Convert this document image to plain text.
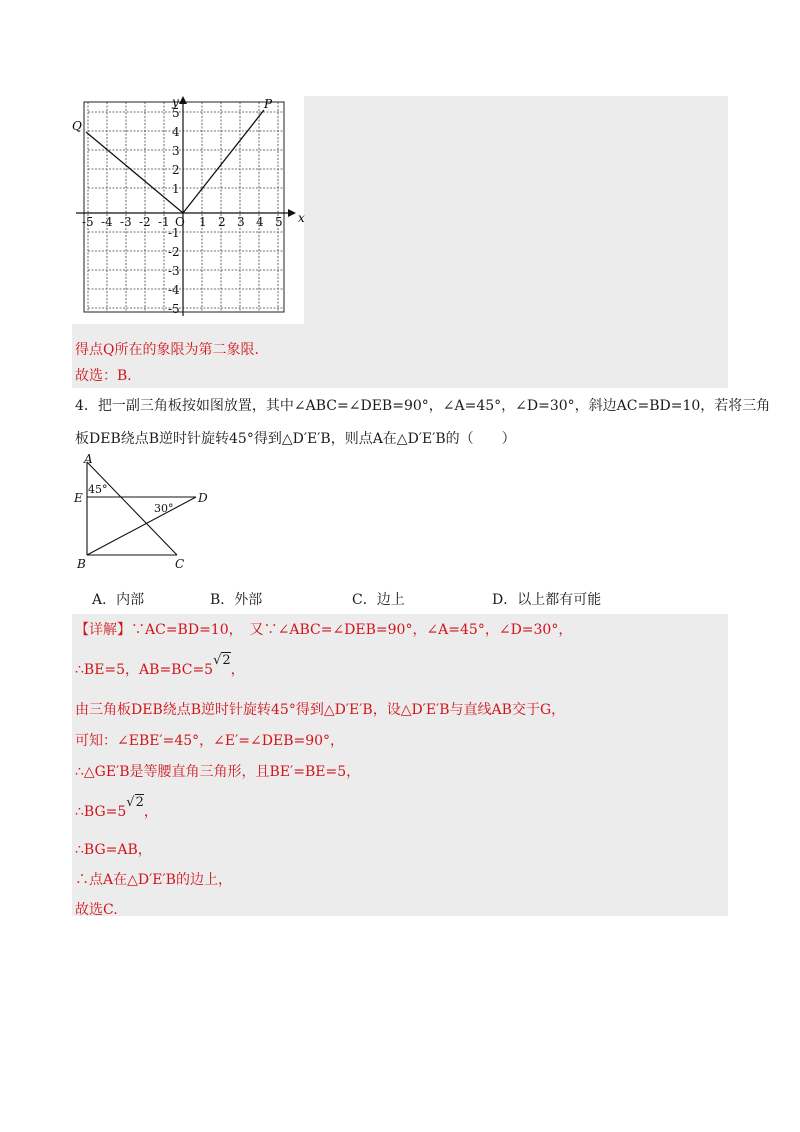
x
y
Q
P
-5 -4 -3 -2 -1 O 1 2 3 4 5
5
4
3
2
1
-1
-2
-3
-4
-5
得点Q所在的象限为第二象限．
故选：B．
4．把一副三角板按如图放置，其中∠ABC=∠DEB=90°，∠A=45°，∠D=30°，斜边AC=BD=10，若将三角
板DEB绕点B逆时针旋转45°得到△D′E′B，则点A在△D′E′B的（　　）
A
E	D
B	C
45°
30°
A．内部	B．外部	C．边上	D．以上都有可能
【详解】∵AC=BD=10，　又∵∠ABC=∠DEB=90°，∠A=45°，∠D=30°，
∴BE=5，AB=BC=5√2，
由三角板DEB绕点B逆时针旋转45°得到△D′E′B，设△D′E′B与直线AB交于G，
可知：∠EBE′=45°，∠E′=∠DEB=90°，
∴△GE′B是等腰直角三角形，且BE′=BE=5，
∴BG=5√2，
∴BG=AB，
∴点A在△D′E′B的边上，
故选C.
